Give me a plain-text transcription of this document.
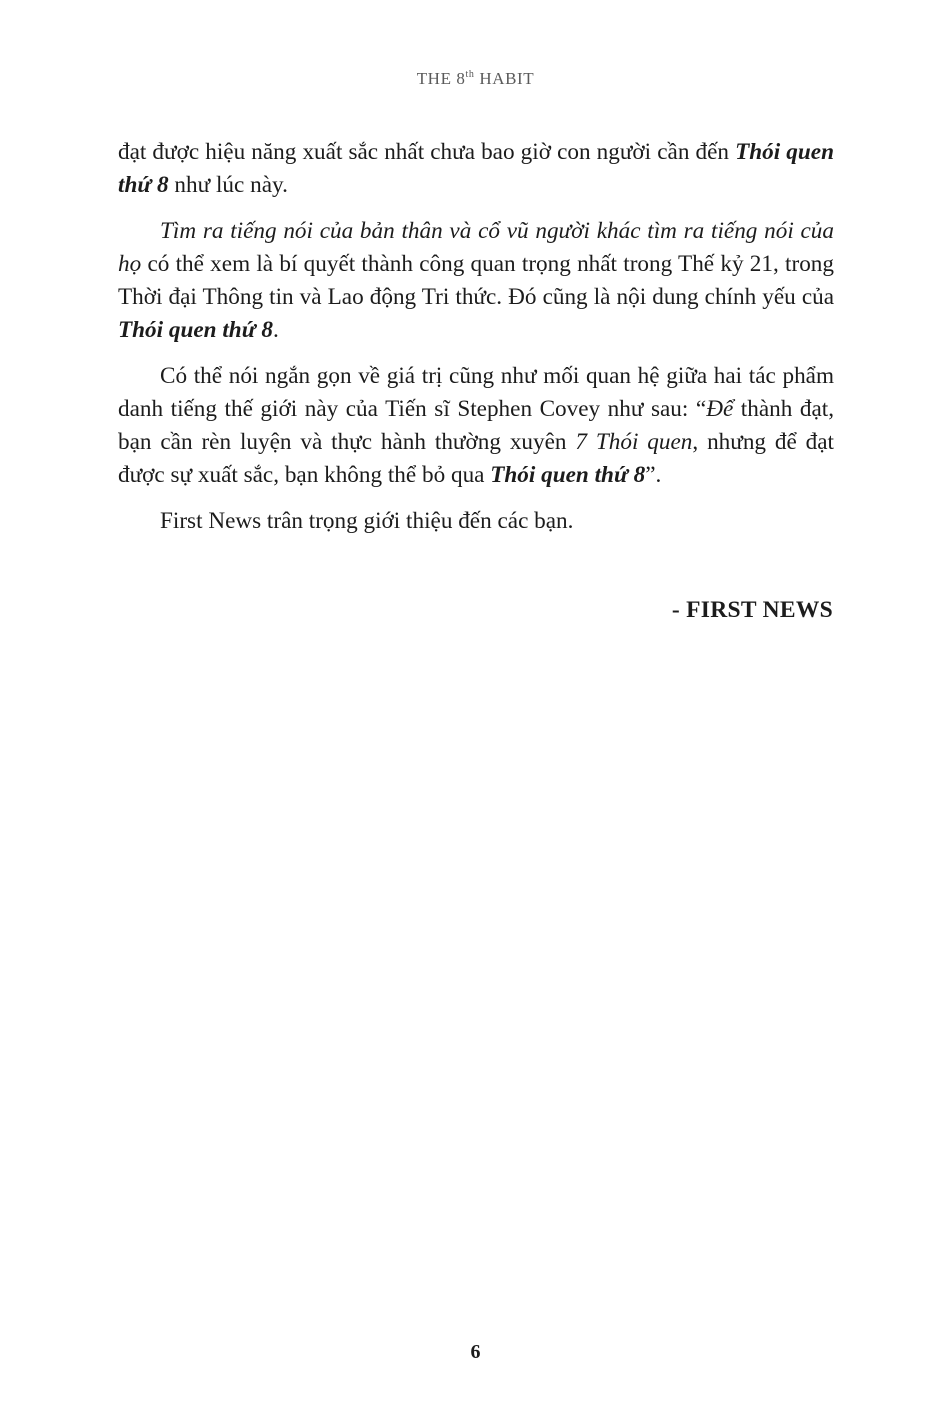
THE 8th HABIT

đạt được hiệu năng xuất sắc nhất chưa bao giờ con người cần đến Thói quen thứ 8 như lúc này.

Tìm ra tiếng nói của bản thân và cổ vũ người khác tìm ra tiếng nói của họ có thể xem là bí quyết thành công quan trọng nhất trong Thế kỷ 21, trong Thời đại Thông tin và Lao động Tri thức. Đó cũng là nội dung chính yếu của Thói quen thứ 8.

Có thể nói ngắn gọn về giá trị cũng như mối quan hệ giữa hai tác phẩm danh tiếng thế giới này của Tiến sĩ Stephen Covey như sau: “Để thành đạt, bạn cần rèn luyện và thực hành thường xuyên 7 Thói quen, nhưng để đạt được sự xuất sắc, bạn không thể bỏ qua Thói quen thứ 8”.

First News trân trọng giới thiệu đến các bạn.

- FIRST NEWS
6
